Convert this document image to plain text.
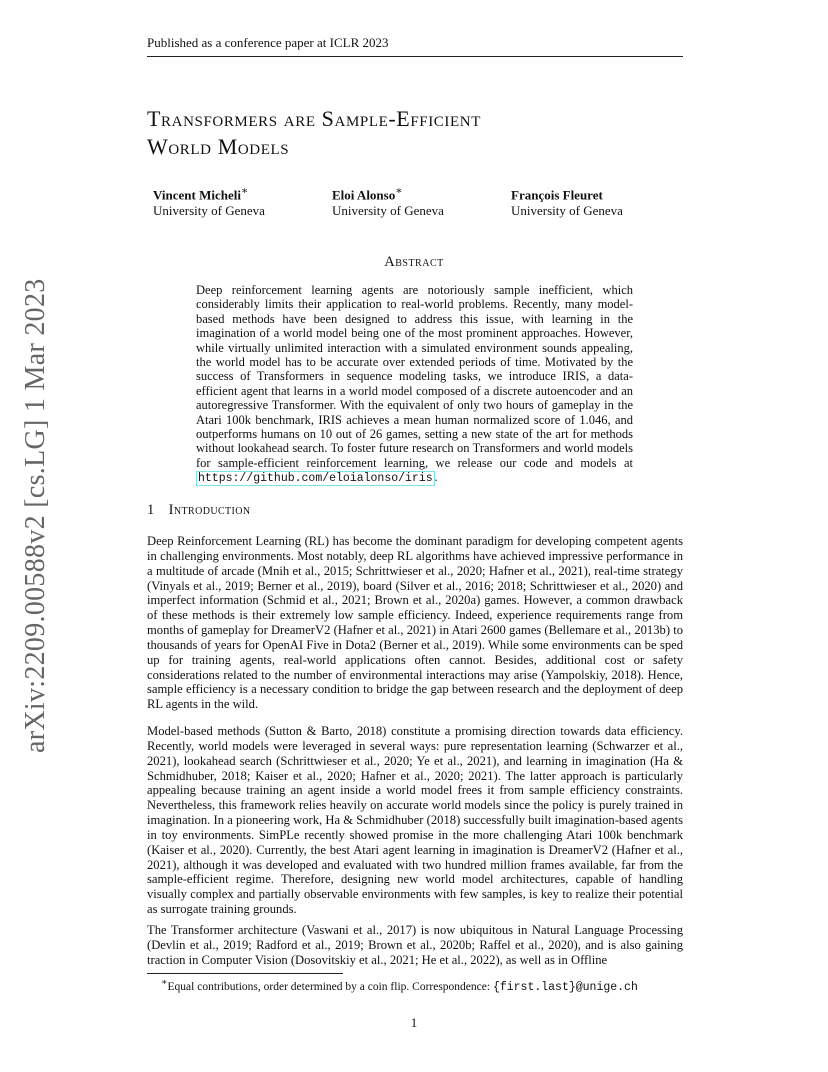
Published as a conference paper at ICLR 2023
arXiv:2209.00588v2 [cs.LG] 1 Mar 2023
Transformers are Sample-Efficient
World Models
Vincent Micheli∗
University of Geneva
Eloi Alonso∗
University of Geneva
François Fleuret
University of Geneva
Abstract
Deep reinforcement learning agents are notoriously sample inefficient, which considerably limits their application to real-world problems. Recently, many model-based methods have been designed to address this issue, with learning in the imagination of a world model being one of the most prominent approaches. However, while virtually unlimited interaction with a simulated environment sounds appealing, the world model has to be accurate over extended periods of time. Motivated by the success of Transformers in sequence modeling tasks, we introduce IRIS, a data-efficient agent that learns in a world model composed of a discrete autoencoder and an autoregressive Transformer. With the equivalent of only two hours of gameplay in the Atari 100k benchmark, IRIS achieves a mean human normalized score of 1.046, and outperforms humans on 10 out of 26 games, setting a new state of the art for methods without lookahead search. To foster future research on Transformers and world models for sample-efficient reinforcement learning, we release our code and models at https://github.com/eloialonso/iris .
1 Introduction
Deep Reinforcement Learning (RL) has become the dominant paradigm for developing competent agents in challenging environments. Most notably, deep RL algorithms have achieved impressive performance in a multitude of arcade (Mnih et al., 2015; Schrittwieser et al., 2020; Hafner et al., 2021), real-time strategy (Vinyals et al., 2019; Berner et al., 2019), board (Silver et al., 2016; 2018; Schrittwieser et al., 2020) and imperfect information (Schmid et al., 2021; Brown et al., 2020a) games. However, a common drawback of these methods is their extremely low sample efficiency. Indeed, experience requirements range from months of gameplay for DreamerV2 (Hafner et al., 2021) in Atari 2600 games (Bellemare et al., 2013b) to thousands of years for OpenAI Five in Dota2 (Berner et al., 2019). While some environments can be sped up for training agents, real-world applications often cannot. Besides, additional cost or safety considerations related to the number of environmental interactions may arise (Yampolskiy, 2018). Hence, sample efficiency is a necessary condition to bridge the gap between research and the deployment of deep RL agents in the wild.
Model-based methods (Sutton & Barto, 2018) constitute a promising direction towards data efficiency. Recently, world models were leveraged in several ways: pure representation learning (Schwarzer et al., 2021), lookahead search (Schrittwieser et al., 2020; Ye et al., 2021), and learning in imagination (Ha & Schmidhuber, 2018; Kaiser et al., 2020; Hafner et al., 2020; 2021). The latter approach is particularly appealing because training an agent inside a world model frees it from sample efficiency constraints. Nevertheless, this framework relies heavily on accurate world models since the policy is purely trained in imagination. In a pioneering work, Ha & Schmidhuber (2018) successfully built imagination-based agents in toy environments. SimPLe recently showed promise in the more challenging Atari 100k benchmark (Kaiser et al., 2020). Currently, the best Atari agent learning in imagination is DreamerV2 (Hafner et al., 2021), although it was developed and evaluated with two hundred million frames available, far from the sample-efficient regime. Therefore, designing new world model architectures, capable of handling visually complex and partially observable environments with few samples, is key to realize their potential as surrogate training grounds.
The Transformer architecture (Vaswani et al., 2017) is now ubiquitous in Natural Language Processing (Devlin et al., 2019; Radford et al., 2019; Brown et al., 2020b; Raffel et al., 2020), and is also gaining traction in Computer Vision (Dosovitskiy et al., 2021; He et al., 2022), as well as in Offline
∗Equal contributions, order determined by a coin flip. Correspondence: {first.last}@unige.ch
1
